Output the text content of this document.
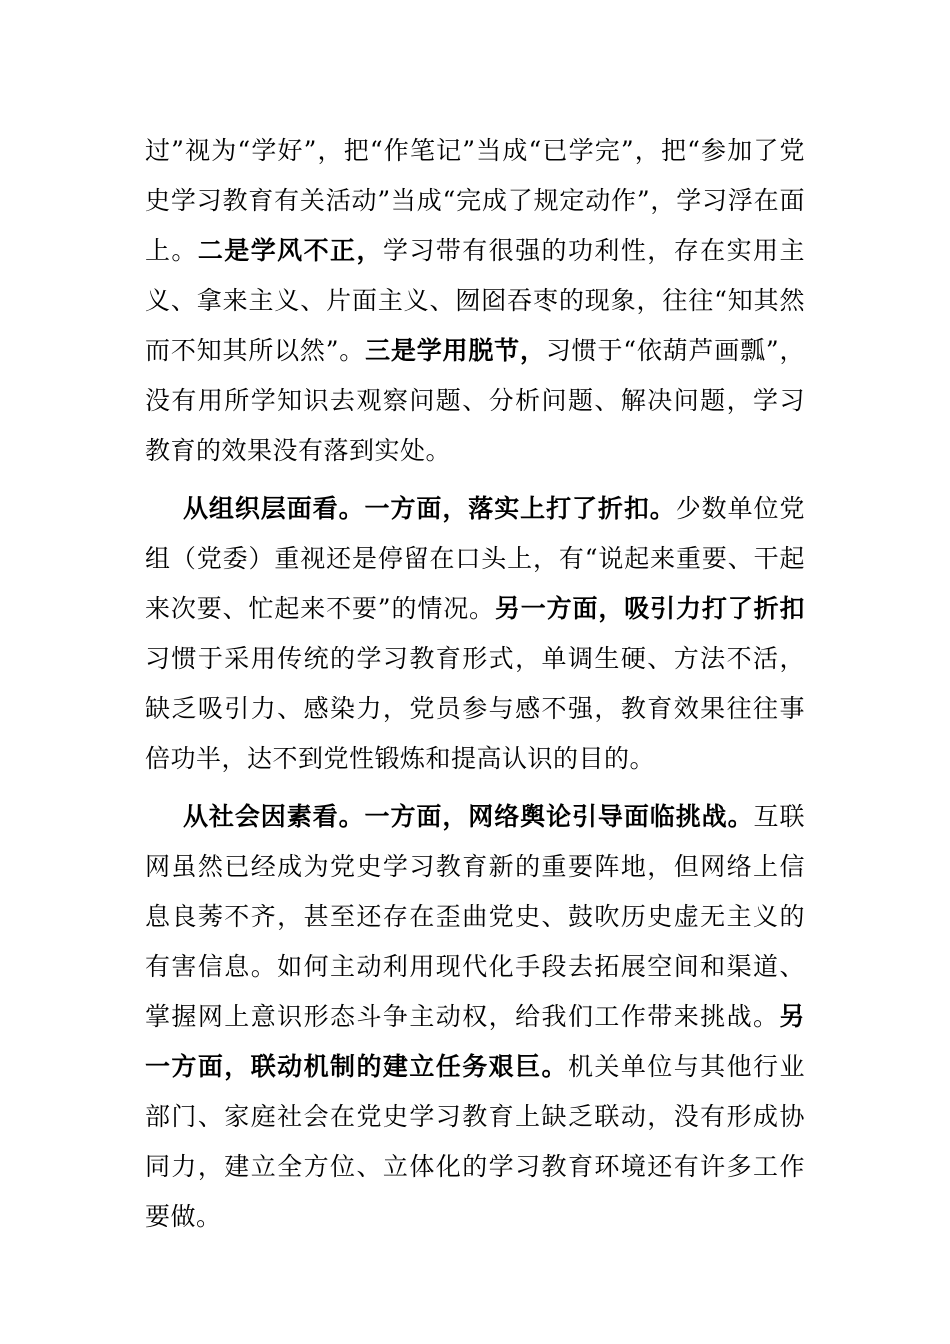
过”视为“学好”，把“作笔记”当成“已学完”，把“参加了党史学习教育有关活动”当成“完成了规定动作”，学习浮在面上。二是学风不正，学习带有很强的功利性，存在实用主义、拿来主义、片面主义、囫囵吞枣的现象，往往“知其然而不知其所以然”。三是学用脱节，习惯于“依葫芦画瓢”，没有用所学知识去观察问题、分析问题、解决问题，学习教育的效果没有落到实处。

从组织层面看。一方面，落实上打了折扣。少数单位党组（党委）重视还是停留在口头上，有“说起来重要、干起来次要、忙起来不要”的情况。另一方面，吸引力打了折扣习惯于采用传统的学习教育形式，单调生硬、方法不活，缺乏吸引力、感染力，党员参与感不强，教育效果往往事倍功半，达不到党性锻炼和提高认识的目的。

从社会因素看。一方面，网络舆论引导面临挑战。互联网虽然已经成为党史学习教育新的重要阵地，但网络上信息良莠不齐，甚至还存在歪曲党史、鼓吹历史虚无主义的有害信息。如何主动利用现代化手段去拓展空间和渠道、掌握网上意识形态斗争主动权，给我们工作带来挑战。另一方面，联动机制的建立任务艰巨。机关单位与其他行业部门、家庭社会在党史学习教育上缺乏联动，没有形成协同力，建立全方位、立体化的学习教育环境还有许多工作要做。
